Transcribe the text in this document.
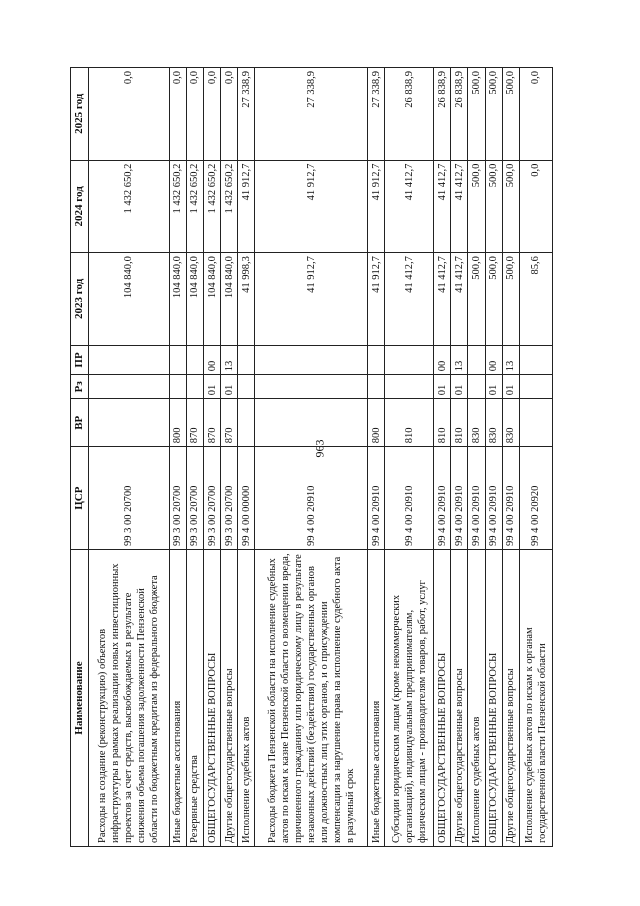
963
Наименование	ЦСР	ВР	Рз	ПР	2023 год	2024 год	2025 год
Расходы на создание (реконструкцию) объектов инфраструктуры в рамках реализации новых инвестиционных проектов за счет средств, высвобождаемых в результате снижения объема погашения задолженности Пензенской области по бюджетным кредитам из федерального бюджета	99 3 00 20700				104 840,0	1 432 650,2	0,0
Иные бюджетные ассигнования	99 3 00 20700	800			104 840,0	1 432 650,2	0,0
Резервные средства	99 3 00 20700	870			104 840,0	1 432 650,2	0,0
ОБЩЕГОСУДАРСТВЕННЫЕ ВОПРОСЫ	99 3 00 20700	870	01	00	104 840,0	1 432 650,2	0,0
Другие общегосударственные вопросы	99 3 00 20700	870	01	13	104 840,0	1 432 650,2	0,0
Исполнение судебных актов	99 4 00 00000				41 998,3	41 912,7	27 338,9
Расходы бюджета Пензенской области на исполнение судебных актов по искам к казне Пензенской области о возмещении вреда, причиненного гражданину или юридическому лицу в результате незаконных действий (бездействия) государственных органов или должностных лиц этих органов, и о присуждении компенсации за нарушение права на исполнение судебного акта в разумный срок	99 4 00 20910				41 912,7	41 912,7	27 338,9
Иные бюджетные ассигнования	99 4 00 20910	800			41 912,7	41 912,7	27 338,9
Субсидии юридическим лицам (кроме некоммерческих организаций), индивидуальным предпринимателям, физическим лицам - производителям товаров, работ, услуг	99 4 00 20910	810			41 412,7	41 412,7	26 838,9
ОБЩЕГОСУДАРСТВЕННЫЕ ВОПРОСЫ	99 4 00 20910	810	01	00	41 412,7	41 412,7	26 838,9
Другие общегосударственные вопросы	99 4 00 20910	810	01	13	41 412,7	41 412,7	26 838,9
Исполнение судебных актов	99 4 00 20910	830			500,0	500,0	500,0
ОБЩЕГОСУДАРСТВЕННЫЕ ВОПРОСЫ	99 4 00 20910	830	01	00	500,0	500,0	500,0
Другие общегосударственные вопросы	99 4 00 20910	830	01	13	500,0	500,0	500,0
Исполнение судебных актов по искам к органам государственной власти Пензенской области	99 4 00 20920				85,6	0,0	0,0
